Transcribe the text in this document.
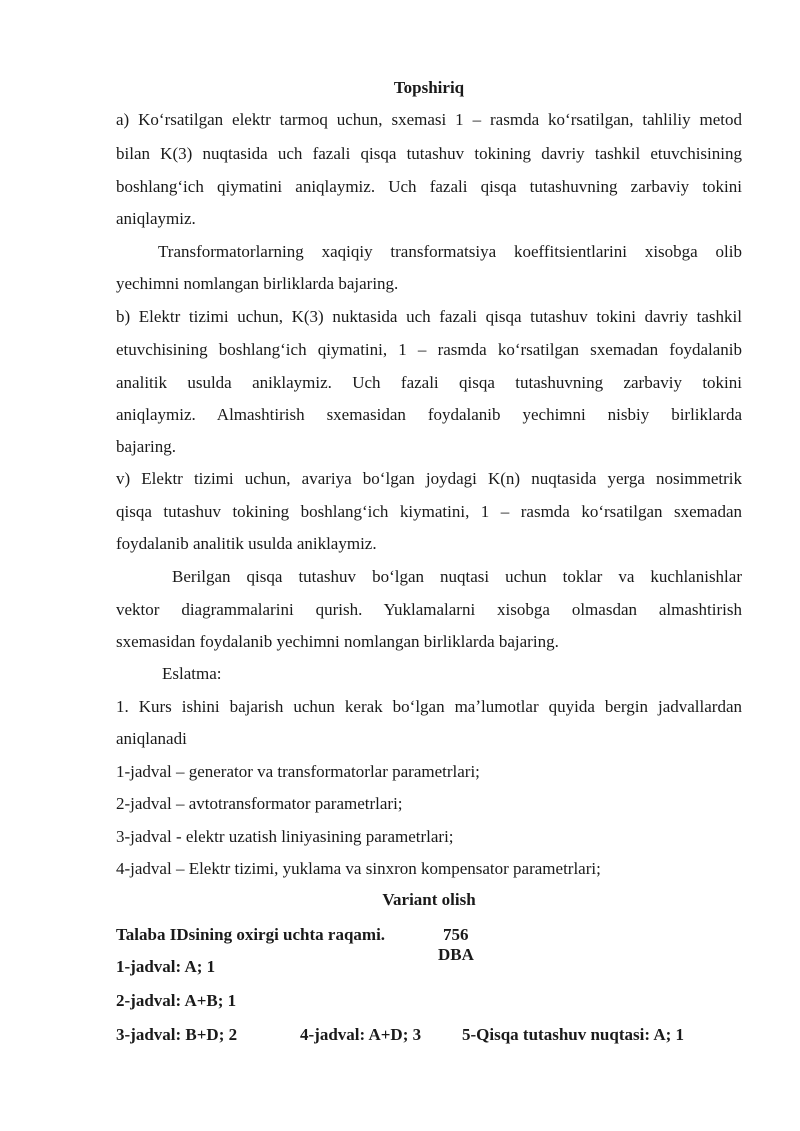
Topshiriq
a) Koʻrsatilgan elektr tarmoq uchun, sxemasi 1 – rasmda koʻrsatilgan, tahliliy metod
bilan K(3) nuqtasida uch fazali qisqa tutashuv tokining davriy tashkil etuvchisining
boshlangʻich qiymatini aniqlaymiz. Uch fazali qisqa tutashuvning zarbaviy tokini
aniqlaymiz.
Transformatorlarning xaqiqiy transformatsiya koeffitsientlarini xisobga olib
yechimni nomlangan birliklarda bajaring.
b) Elektr tizimi uchun, K(3) nuktasida uch fazali qisqa tutashuv tokini davriy tashkil
etuvchisining boshlangʻich qiymatini, 1 – rasmda koʻrsatilgan sxemadan foydalanib
analitik usulda aniklaymiz. Uch fazali qisqa tutashuvning zarbaviy tokini
aniqlaymiz. Almashtirish sxemasidan foydalanib yechimni nisbiy birliklarda
bajaring.
v) Elektr tizimi uchun, avariya boʻlgan joydagi K(n) nuqtasida yerga nosimmetrik
qisqa tutashuv tokining boshlangʻich kiymatini, 1 – rasmda koʻrsatilgan sxemadan
foydalanib analitik usulda aniklaymiz.
Berilgan qisqa tutashuv boʻlgan nuqtasi uchun toklar va kuchlanishlar
vektor diagrammalarini qurish. Yuklamalarni xisobga olmasdan almashtirish
sxemasidan foydalanib yechimni nomlangan birliklarda bajaring.
Eslatma:
1. Kurs ishini bajarish uchun kerak boʻlgan maʼlumotlar quyida bergin jadvallardan
aniqlanadi
1-jadval – generator va transformatorlar parametrlari;
2-jadval – avtotransformator parametrlari;
3-jadval - elektr uzatish liniyasining parametrlari;
4-jadval – Elektr tizimi, yuklama va sinxron kompensator parametrlari;
Variant olish
Talaba IDsining oxirgi uchta raqami.	756
DBA
1-jadval: A; 1
2-jadval: A+B; 1
3-jadval: B+D; 2	4-jadval: A+D; 3 5-Qisqa tutashuv nuqtasi: A; 1
